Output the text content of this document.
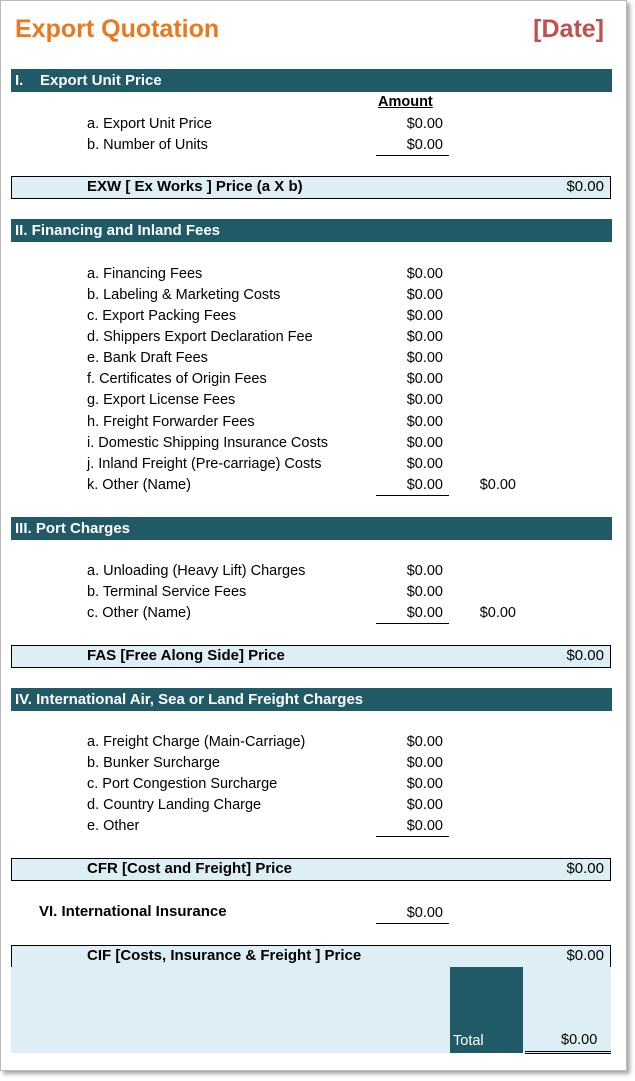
Export Quotation	[Date]
I.    Export Unit Price
Amount
a. Export Unit Price	$0.00
b. Number of Units	$0.00
EXW [ Ex Works ] Price (a X b)	$0.00
II. Financing and Inland Fees
a. Financing Fees	$0.00
b. Labeling & Marketing Costs	$0.00
c. Export Packing Fees	$0.00
d. Shippers Export Declaration Fee	$0.00
e. Bank Draft Fees	$0.00
f. Certificates of Origin Fees	$0.00
g. Export License Fees	$0.00
h. Freight Forwarder Fees	$0.00
i. Domestic Shipping Insurance Costs	$0.00
j. Inland Freight (Pre-carriage) Costs	$0.00
k. Other (Name)	$0.00	$0.00
III. Port Charges
a. Unloading (Heavy Lift) Charges	$0.00
b. Terminal Service Fees	$0.00
c. Other (Name)	$0.00	$0.00
FAS [Free Along Side] Price	$0.00
IV. International Air, Sea or Land Freight Charges
a. Freight Charge (Main-Carriage)	$0.00
b. Bunker Surcharge	$0.00
c. Port Congestion Surcharge	$0.00
d. Country Landing Charge	$0.00
e. Other	$0.00
CFR [Cost and Freight] Price	$0.00
VI. International Insurance	$0.00
CIF [Costs, Insurance & Freight ] Price	$0.00
Total	$0.00
